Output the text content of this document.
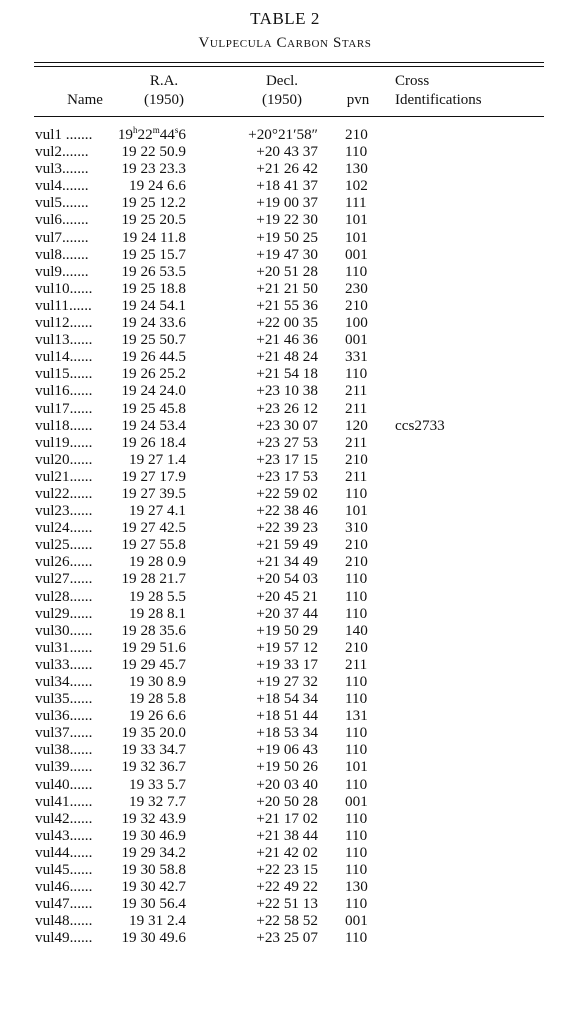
TABLE 2
Vulpecula Carbon Stars
Name
R.A.
(1950)
Decl.
(1950)	pvn
Cross
Identifications
vul1 .......	$19^h22^m44^s6$	+20°21′58″ 210
vul2.......	19 22 50.9	+20 43 37 110
vul3.......	19 23 23.3	+21 26 42 130
vul4.......	19 24 6.6	+18 41 37 102
vul5.......	19 25 12.2	+19 00 37 111
vul6.......	19 25 20.5	+19 22 30 101
vul7.......	19 24 11.8	+19 50 25 101
vul8.......	19 25 15.7	+19 47 30 001
vul9.......	19 26 53.5	+20 51 28 110
vul10......	19 25 18.8	+21 21 50 230
vul11......	19 24 54.1	+21 55 36 210
vul12......	19 24 33.6	+22 00 35 100
vul13......	19 25 50.7	+21 46 36 001
vul14......	19 26 44.5	+21 48 24 331
vul15......	19 26 25.2	+21 54 18 110
vul16......	19 24 24.0	+23 10 38 211
vul17......	19 25 45.8	+23 26 12 211
vul18......	19 24 53.4	+23 30 07 120 ccs2733
vul19......	19 26 18.4	+23 27 53 211
vul20......	19 27 1.4	+23 17 15 210
vul21......	19 27 17.9	+23 17 53 211
vul22......	19 27 39.5	+22 59 02 110
vul23......	19 27 4.1	+22 38 46 101
vul24......	19 27 42.5	+22 39 23 310
vul25......	19 27 55.8	+21 59 49 210
vul26......	19 28 0.9	+21 34 49 210
vul27......	19 28 21.7	+20 54 03 110
vul28......	19 28 5.5	+20 45 21 110
vul29......	19 28 8.1	+20 37 44 110
vul30......	19 28 35.6	+19 50 29 140
vul31......	19 29 51.6	+19 57 12 210
vul33......	19 29 45.7	+19 33 17 211
vul34......	19 30 8.9	+19 27 32 110
vul35......	19 28 5.8	+18 54 34 110
vul36......	19 26 6.6	+18 51 44 131
vul37......	19 35 20.0	+18 53 34 110
vul38......	19 33 34.7	+19 06 43 110
vul39......	19 32 36.7	+19 50 26 101
vul40......	19 33 5.7	+20 03 40 110
vul41......	19 32 7.7	+20 50 28 001
vul42......	19 32 43.9	+21 17 02 110
vul43......	19 30 46.9	+21 38 44 110
vul44......	19 29 34.2	+21 42 02 110
vul45......	19 30 58.8	+22 23 15 110
vul46......	19 30 42.7	+22 49 22 130
vul47......	19 30 56.4	+22 51 13 110
vul48......	19 31 2.4	+22 58 52 001
vul49......	19 30 49.6	+23 25 07 110
